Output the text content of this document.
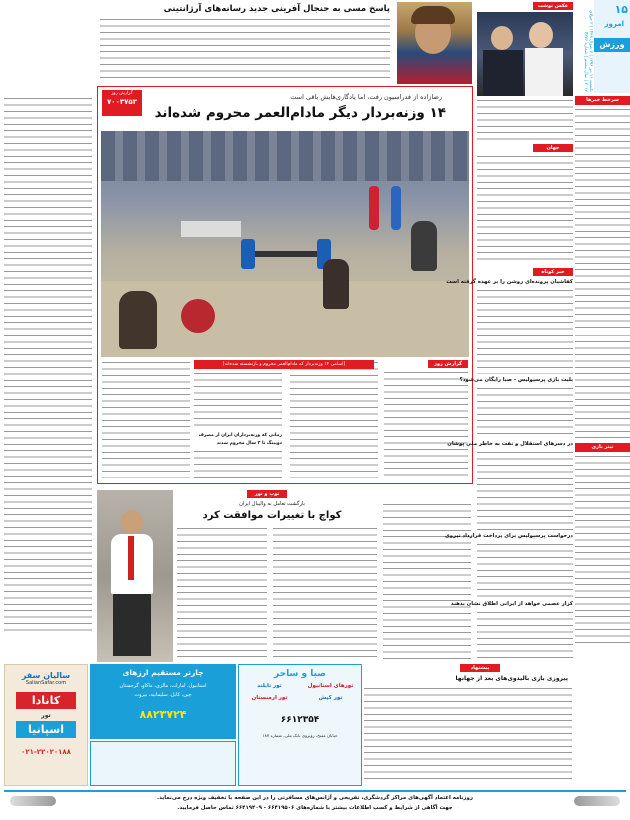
۱۵
امروز
ورزش
یکشنبه ۱۱ تیر ۱۳۹۶ | ۷ شوال ۱۴۳۸ | ۲ جولای ۲۰۱۷ | سال بیستم | شماره ۴۳۷۶
سرخط خبرها
تیتر بازی
پاسخ مسی به جنجال آفرینی جدید رسانه‌های آرژانتینی
گزارش روز
۷۰۰۳۷۵۳
رضازاده از فدراسیون رفت، اما یادگاری‌هایش باقی است
۱۴ وزنه‌بردار دیگر مادام‌العمر محروم شده‌اند
گزارش روز
[اسامی ۱۴ وزنه‌بردار که مادام‌العمر محروم و بازنشسته شده‌اند]
زمانی که وزنه‌برداران ایران از مصرف دوپینگ تا ۳ سال محروم شدند
توپ و تور
بازگشت تعامل به والیبال ایران
کواچ با تغییرات موافقت کرد
عکس نوشت
جهان
خبر کوتاه
کفاشیان پرونده‌ای روشن را بر عهده گرفته است
بلیت بازی پرسپولیس - صبا رایگان می‌شود؟
در دسرهای استقلال و نفت به خاطر ملی پوشان
درخواست پرسپولیس برای پرداخت قرارداد‌ نیروی
کرار عصمی خواهد از ایرانی اطلاق نشان بدهند
پیشنهاد
پیروزی بازی بالیدوی‌های بعد از جهانها
صبا و ساحر
تورهای استانبول
تور تایلند
تور کیش
تور ارمنستان
۶۶۱۲۳۵۴
خیابان مفتح، روبروی بانک ملی، شماره ۱۸۷
چارتر مستقیم ارز‌های
استانبول، امارات، مالزی، ماکاو، گرجستان
چین، کابل، سلیمانیه، بیروت
۸۸۲۳۷۲۴
سالیان سفر
SalianSafar.com
کانادا
تور
اسپانیا
۰۲۱-۲۲۰۲۰۱۸۸
روزنامه اعتماد آگهی‌های مراکز گردشگری، تفریحی و آژانس‌های مسافرتی را در این صفحه با تخفیف ویژه درج می‌نماید.
جهت آگاهی از شرایط و کسب اطلاعات بیشتر با شماره‌های ۶۶۴۱۹۵۰۶ - ۶۶۴۱۹۴۰۹ تماس حاصل فرمایید.
